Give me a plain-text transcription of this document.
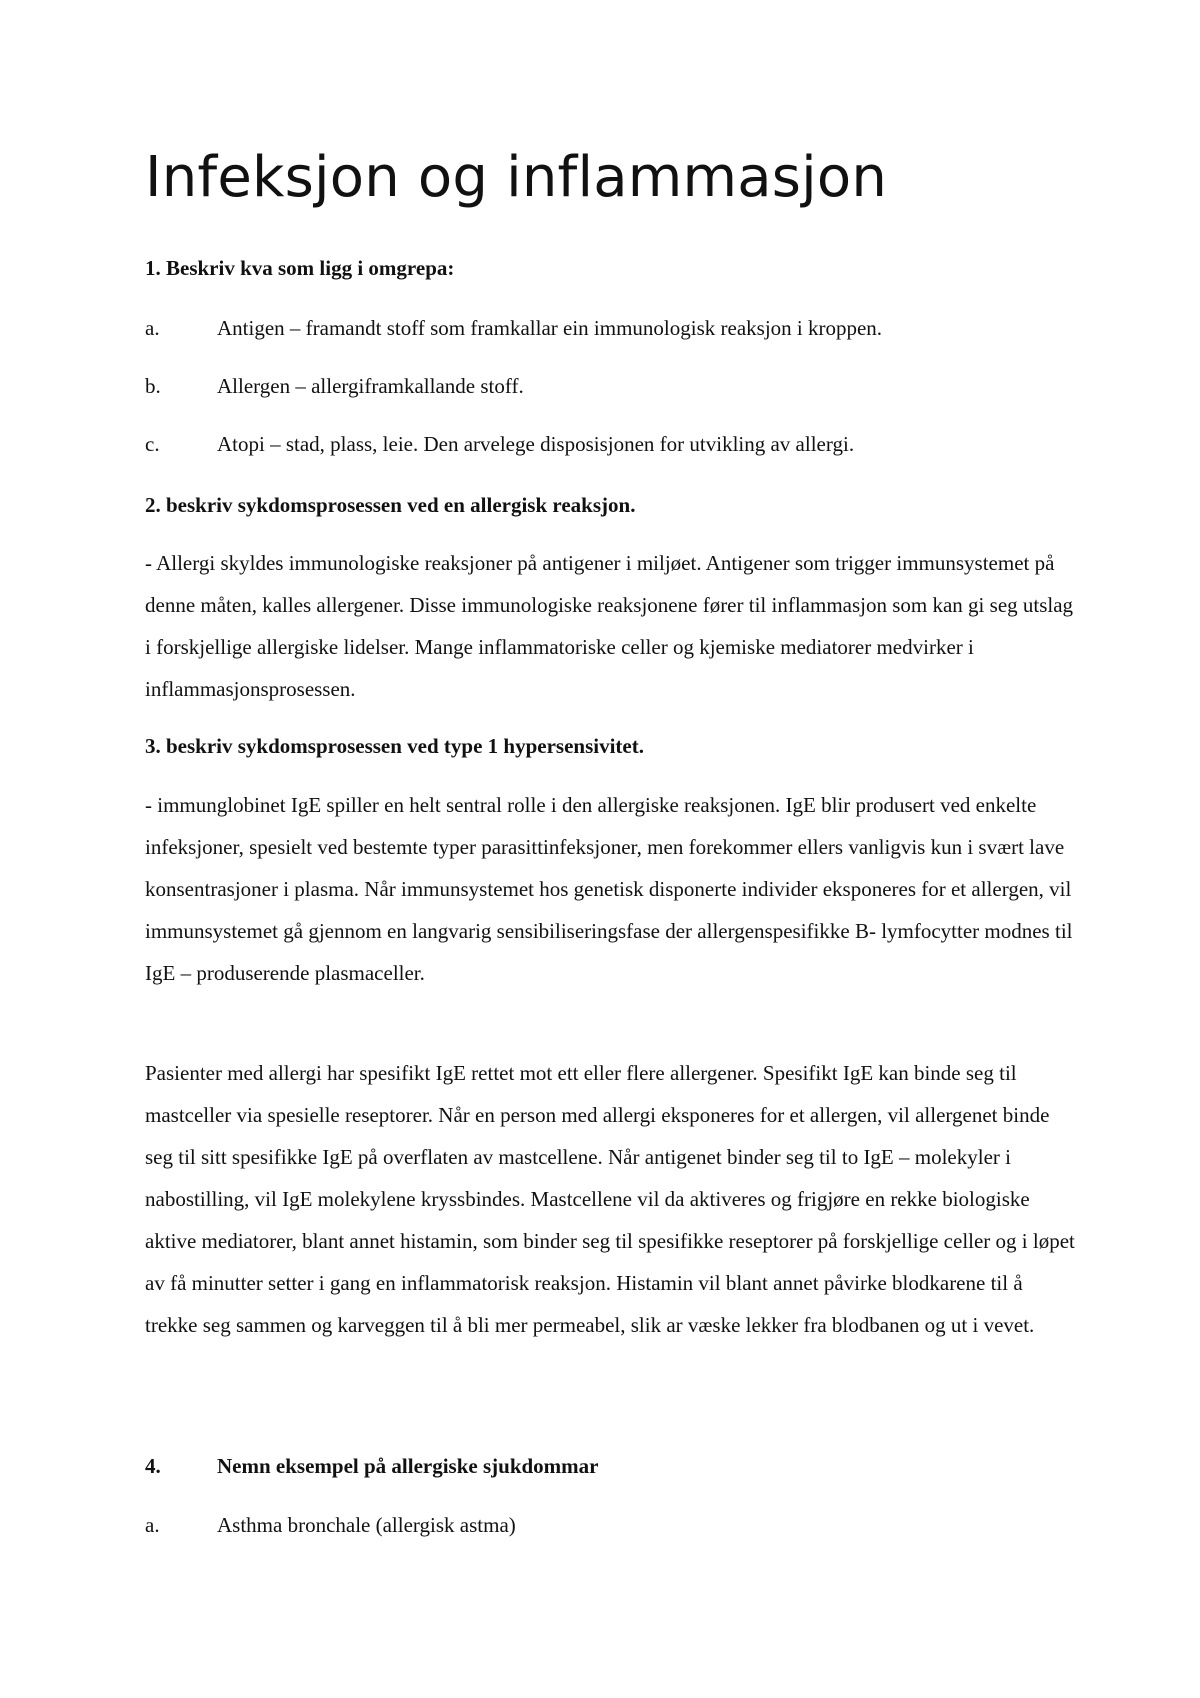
Infeksjon og inflammasjon

1. Beskriv kva som ligg i omgrepa:

a.	Antigen – framandt stoff som framkallar ein immunologisk reaksjon i kroppen.
b.	Allergen – allergiframkallande stoff.
c.	Atopi – stad, plass, leie. Den arvelege disposisjonen for utvikling av allergi.

2. beskriv sykdomsprosessen ved en allergisk reaksjon.

- Allergi skyldes immunologiske reaksjoner på antigener i miljøet. Antigener som trigger immunsystemet på denne måten, kalles allergener. Disse immunologiske reaksjonene fører til inflammasjon som kan gi seg utslag i forskjellige allergiske lidelser. Mange inflammatoriske celler og kjemiske mediatorer medvirker i inflammasjonsprosessen.

3. beskriv sykdomsprosessen ved type 1 hypersensivitet.

- immunglobinet IgE spiller en helt sentral rolle i den allergiske reaksjonen. IgE blir produsert ved enkelte infeksjoner, spesielt ved bestemte typer parasittinfeksjoner, men forekommer ellers vanligvis kun i svært lave konsentrasjoner i plasma. Når immunsystemet hos genetisk disponerte individer eksponeres for et allergen, vil immunsystemet gå gjennom en langvarig sensibiliseringsfase der allergenspesifikke B- lymfocytter modnes til IgE – produserende plasmaceller.

Pasienter med allergi har spesifikt IgE rettet mot ett eller flere allergener. Spesifikt IgE kan binde seg til mastceller via spesielle reseptorer. Når en person med allergi eksponeres for et allergen, vil allergenet binde seg til sitt spesifikke IgE på overflaten av mastcellene. Når antigenet binder seg til to IgE – molekyler i nabostilling, vil IgE molekylene kryssbindes. Mastcellene vil da aktiveres og frigjøre en rekke biologiske aktive mediatorer, blant annet histamin, som binder seg til spesifikke reseptorer på forskjellige celler og i løpet av få minutter setter i gang en inflammatorisk reaksjon. Histamin vil blant annet påvirke blodkarene til å trekke seg sammen og karveggen til å bli mer permeabel, slik ar væske lekker fra blodbanen og ut i vevet.

4.	Nemn eksempel på allergiske sjukdommar
a.	Asthma bronchale (allergisk astma)
